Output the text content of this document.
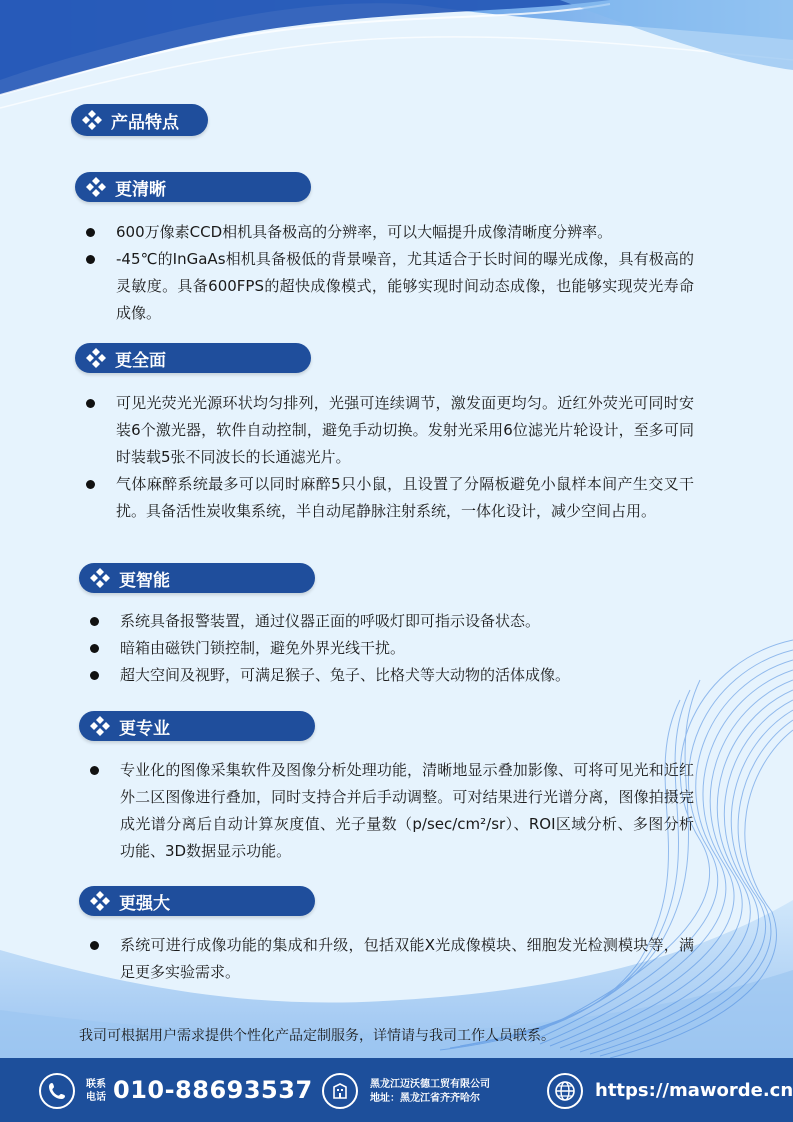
产品特点
更清晰
600万像素CCD相机具备极高的分辨率，可以大幅提升成像清晰度分辨率。
-45℃的InGaAs相机具备极低的背景噪音，尤其适合于长时间的曝光成像，具有极高的灵敏度。具备600FPS的超快成像模式，能够实现时间动态成像，也能够实现荧光寿命成像。
更全面
可见光荧光光源环状均匀排列，光强可连续调节，激发面更均匀。近红外荧光可同时安装6个激光器，软件自动控制，避免手动切换。发射光采用6位滤光片轮设计，至多可同时装载5张不同波长的长通滤光片。
气体麻醉系统最多可以同时麻醉5只小鼠，且设置了分隔板避免小鼠样本间产生交叉干扰。具备活性炭收集系统，半自动尾静脉注射系统，一体化设计，减少空间占用。
更智能
系统具备报警装置，通过仪器正面的呼吸灯即可指示设备状态。
暗箱由磁铁门锁控制，避免外界光线干扰。
超大空间及视野，可满足猴子、兔子、比格犬等大动物的活体成像。
更专业
专业化的图像采集软件及图像分析处理功能，清晰地显示叠加影像、可将可见光和近红外二区图像进行叠加，同时支持合并后手动调整。可对结果进行光谱分离，图像拍摄完成光谱分离后自动计算灰度值、光子量数（p/sec/cm²/sr）、ROI区域分析、多图分析功能、3D数据显示功能。
更强大
系统可进行成像功能的集成和升级，包括双能X光成像模块、细胞发光检测模块等，满足更多实验需求。
我司可根据用户需求提供个性化产品定制服务，详情请与我司工作人员联系。
联系
电话 010-88693537	黑龙江迈沃德工贸有限公司
地址：黑龙江省齐齐哈尔	https://maworde.cn
